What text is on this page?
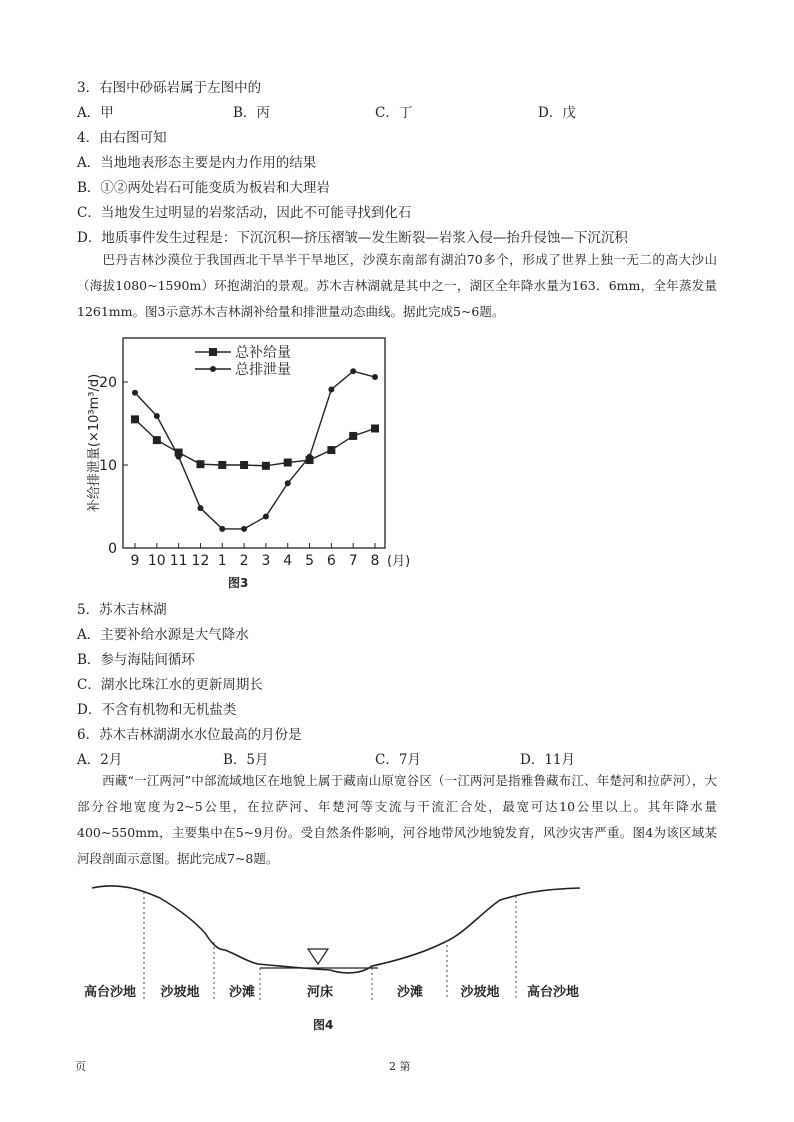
3．右图中砂砾岩属于左图中的
A．甲	B．丙	C．丁	D．戊
4．由右图可知
A．当地地表形态主要是内力作用的结果
B．①②两处岩石可能变质为板岩和大理岩
C．当地发生过明显的岩浆活动，因此不可能寻找到化石
D．地质事件发生过程是：下沉沉积—挤压褶皱—发生断裂—岩浆入侵—抬升侵蚀—下沉沉积
巴丹吉林沙漠位于我国西北干旱半干旱地区，沙漠东南部有湖泊70多个，形成了世界上独一无二的高大沙山（海拔1080~1590m）环抱湖泊的景观。苏木吉林湖就是其中之一，湖区全年降水量为163．6mm，全年蒸发量1261mm。图3示意苏木吉林湖补给量和排泄量动态曲线。据此完成5~6题。
0
10
20
9 10 11 12 1 2 3 4 5 6 7 8 (月)
补给排泄量(×10³m³/d)
总补给量
总排泄量
图3
5．苏木吉林湖
A．主要补给水源是大气降水
B．参与海陆间循环
C．湖水比珠江水的更新周期长
D．不含有机物和无机盐类
6．苏木吉林湖湖水水位最高的月份是
A．2月	B．5月	C．7月	D．11月
西藏“一江两河”中部流域地区在地貌上属于藏南山原宽谷区（一江两河是指雅鲁藏布江、年楚河和拉萨河），大部分谷地宽度为2~5公里，在拉萨河、年楚河等支流与干流汇合处，最宽可达10公里以上。其年降水量400~550mm，主要集中在5~9月份。受自然条件影响，河谷地带风沙地貌发育，风沙灾害严重。图4为该区域某河段剖面示意图。据此完成7~8题。
高台沙地 沙坡地 沙滩	河床	沙滩	沙坡地 高台沙地
图4
页	2 第
